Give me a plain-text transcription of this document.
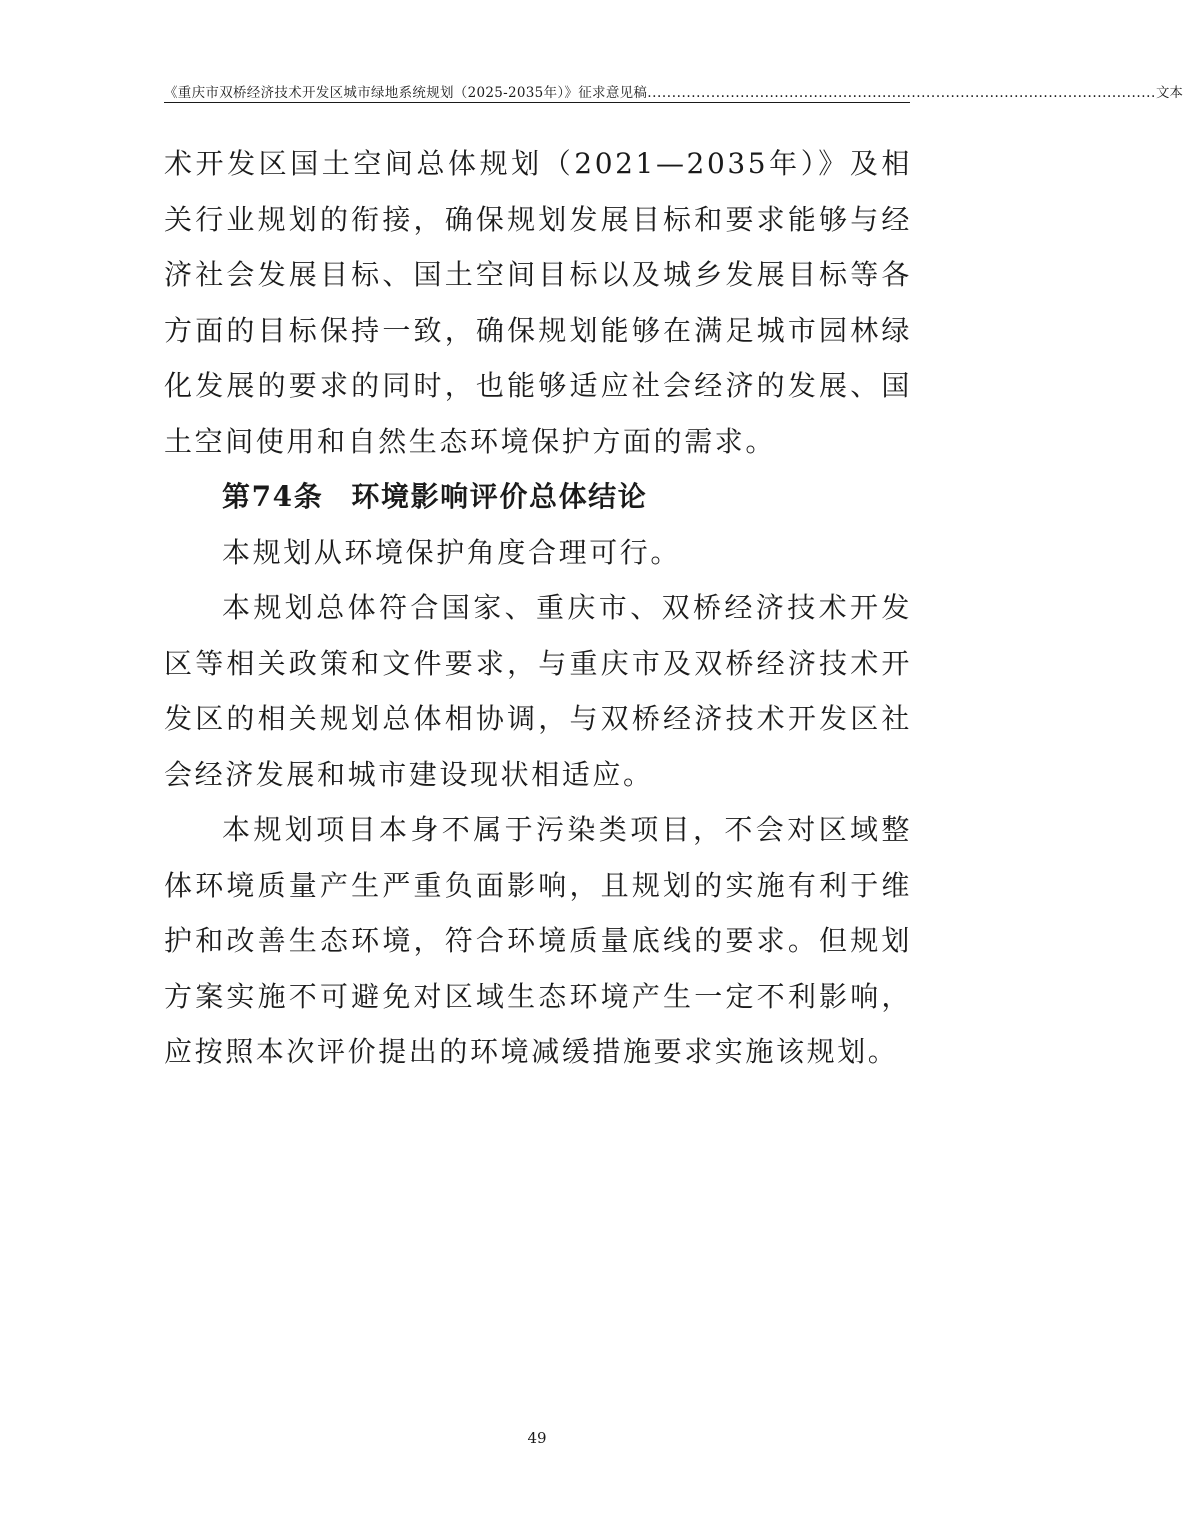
《重庆市双桥经济技术开发区城市绿地系统规划（2025-2035年）》征求意见稿 ........................................................................................................ 文本

术开发区国土空间总体规划（2021—2035年）》及相关行业规划的衔接，确保规划发展目标和要求能够与经济社会发展目标、国土空间目标以及城乡发展目标等各方面的目标保持一致，确保规划能够在满足城市园林绿化发展的要求的同时，也能够适应社会经济的发展、国土空间使用和自然生态环境保护方面的需求。

第74条 环境影响评价总体结论

本规划从环境保护角度合理可行。

本规划总体符合国家、重庆市、双桥经济技术开发区等相关政策和文件要求，与重庆市及双桥经济技术开发区的相关规划总体相协调，与双桥经济技术开发区社会经济发展和城市建设现状相适应。

本规划项目本身不属于污染类项目，不会对区域整体环境质量产生严重负面影响，且规划的实施有利于维护和改善生态环境，符合环境质量底线的要求。但规划方案实施不可避免对区域生态环境产生一定不利影响，应按照本次评价提出的环境减缓措施要求实施该规划。

49
